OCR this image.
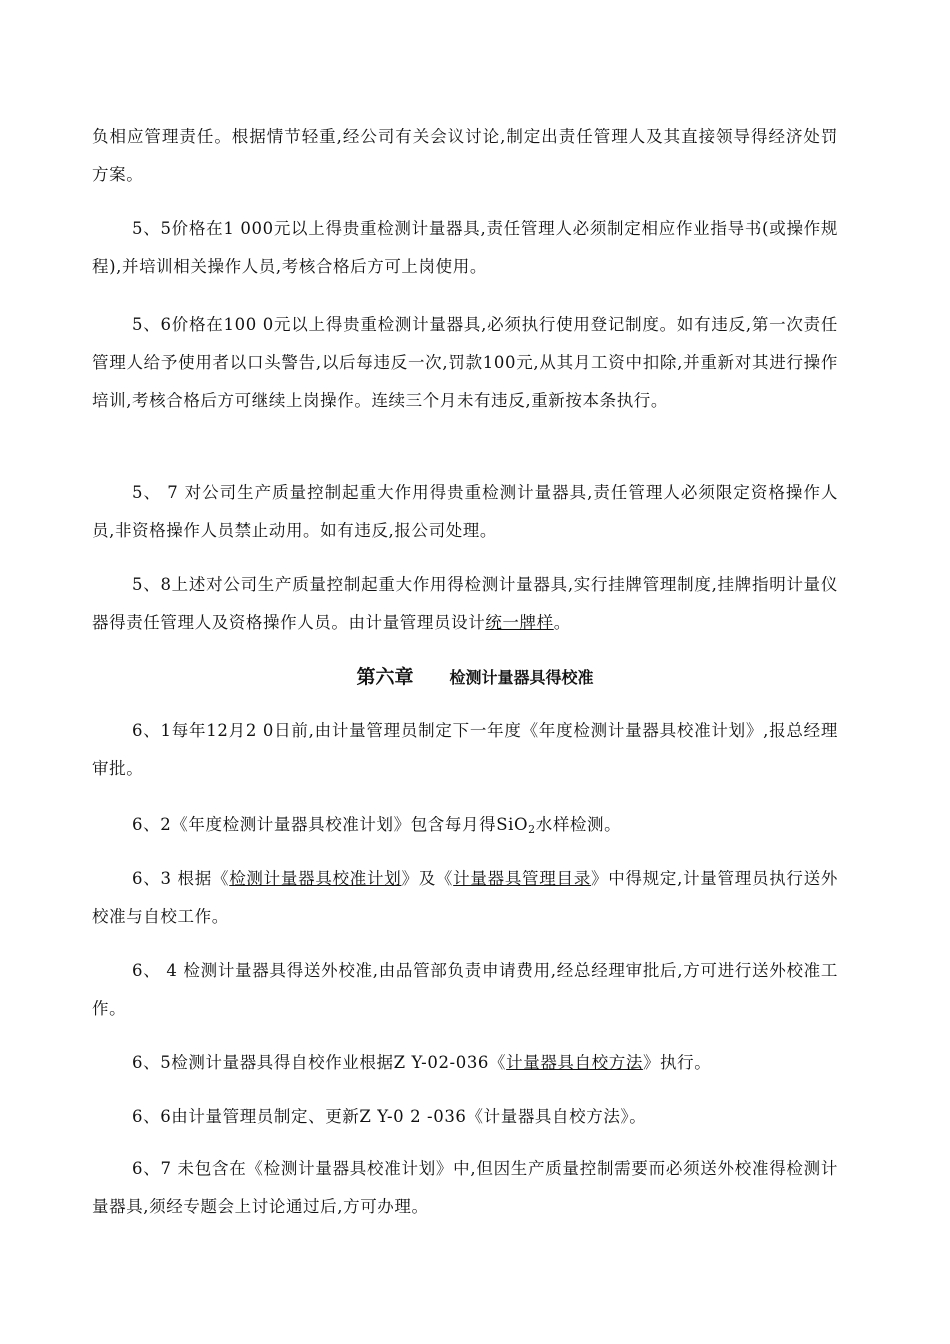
负相应管理责任。根据情节轻重,经公司有关会议讨论,制定出责任管理人及其直接领导得经济处罚方案。

5、5价格在1 000元以上得贵重检测计量器具,责任管理人必须制定相应作业指导书(或操作规程),并培训相关操作人员,考核合格后方可上岗使用。

5、6价格在100 0元以上得贵重检测计量器具,必须执行使用登记制度。如有违反,第一次责任管理人给予使用者以口头警告,以后每违反一次,罚款100元,从其月工资中扣除,并重新对其进行操作培训,考核合格后方可继续上岗操作。连续三个月未有违反,重新按本条执行。

5、 7 对公司生产质量控制起重大作用得贵重检测计量器具,责任管理人必须限定资格操作人员,非资格操作人员禁止动用。如有违反,报公司处理。

5、8上述对公司生产质量控制起重大作用得检测计量器具,实行挂牌管理制度,挂牌指明计量仪器得责任管理人及资格操作人员。由计量管理员设计统一牌样。

第六章 检测计量器具得校准

6、1每年12月2 0日前,由计量管理员制定下一年度《年度检测计量器具校准计划》,报总经理审批。

6、2《年度检测计量器具校准计划》包含每月得SiO$_2$水样检测。

6、3 根据《检测计量器具校准计划》及《计量器具管理目录》中得规定,计量管理员执行送外校准与自校工作。

6、 4 检测计量器具得送外校准,由品管部负责申请费用,经总经理审批后,方可进行送外校准工作。

6、5检测计量器具得自校作业根据Z Y-02-036《计量器具自校方法》执行。

6、6由计量管理员制定、更新Z Y-0 2 -036《计量器具自校方法》。

6、7 未包含在《检测计量器具校准计划》中,但因生产质量控制需要而必须送外校准得检测计量器具,须经专题会上讨论通过后,方可办理。
